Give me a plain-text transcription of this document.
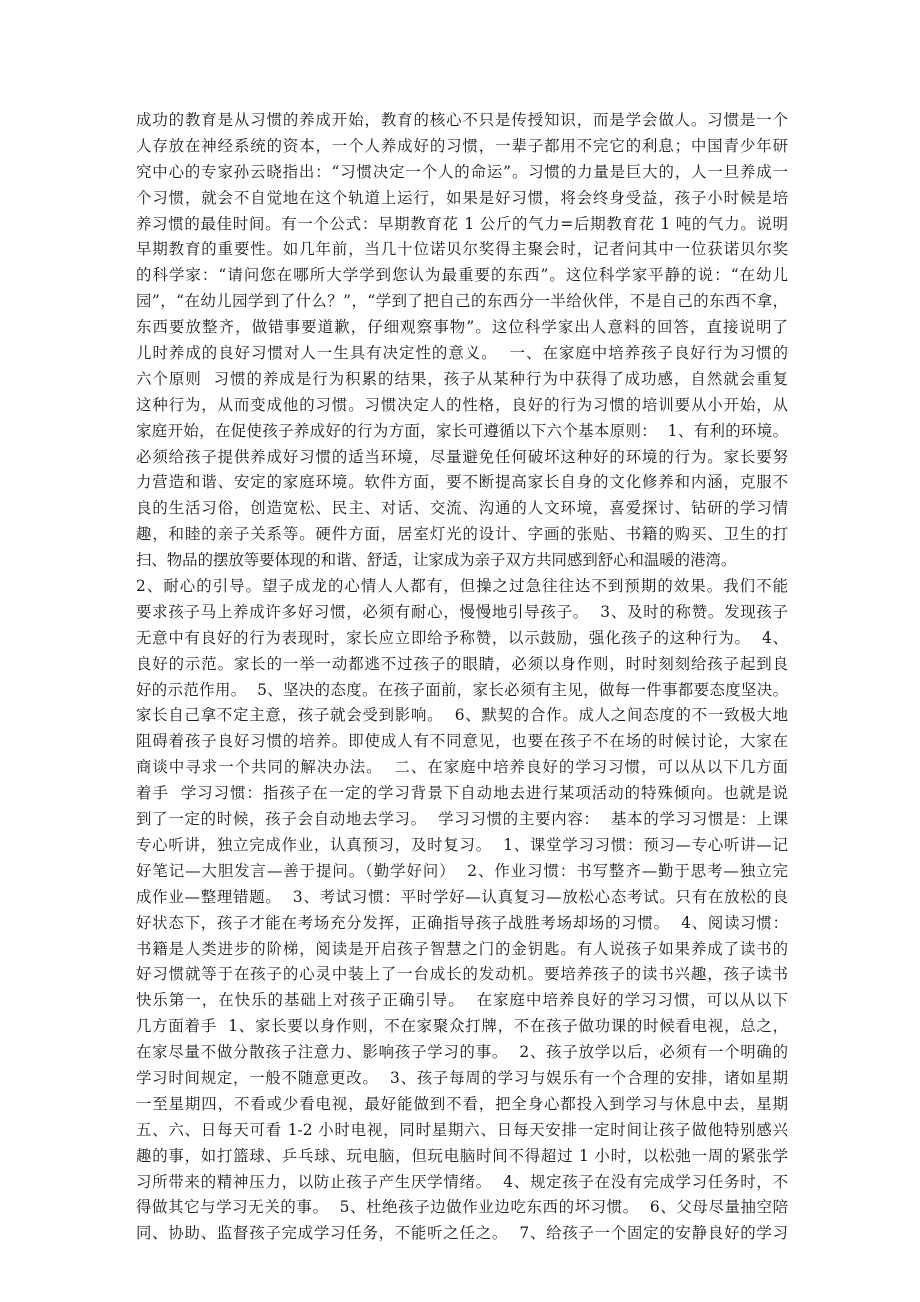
成功的教育是从习惯的养成开始，教育的核心不只是传授知识，而是学会做人。习惯是一个
人存放在神经系统的资本，一个人养成好的习惯，一辈子都用不完它的利息；中国青少年研
究中心的专家孙云晓指出：“习惯决定一个人的命运”。习惯的力量是巨大的，人一旦养成一
个习惯，就会不自觉地在这个轨道上运行，如果是好习惯，将会终身受益，孩子小时候是培
养习惯的最佳时间。有一个公式：早期教育花 1 公斤的气力=后期教育花 1 吨的气力。说明
早期教育的重要性。如几年前，当几十位诺贝尔奖得主聚会时，记者问其中一位获诺贝尔奖
的科学家：“请问您在哪所大学学到您认为最重要的东西”。这位科学家平静的说：“在幼儿
园”，“在幼儿园学到了什么？”，“学到了把自己的东西分一半给伙伴，不是自己的东西不拿，
东西要放整齐，做错事要道歉，仔细观察事物”。这位科学家出人意料的回答，直接说明了
儿时养成的良好习惯对人一生具有决定性的意义。  一、在家庭中培养孩子良好行为习惯的
六个原则  习惯的养成是行为积累的结果，孩子从某种行为中获得了成功感，自然就会重复
这种行为，从而变成他的习惯。习惯决定人的性格，良好的行为习惯的培训要从小开始，从
家庭开始，在促使孩子养成好的行为方面，家长可遵循以下六个基本原则：  1、有利的环境。
必须给孩子提供养成好习惯的适当环境，尽量避免任何破坏这种好的环境的行为。家长要努
力营造和谐、安定的家庭环境。软件方面，要不断提高家长自身的文化修养和内涵，克服不
良的生活习俗，创造宽松、民主、对话、交流、沟通的人文环境，喜爱探讨、钻研的学习情
趣，和睦的亲子关系等。硬件方面，居室灯光的设计、字画的张贴、书籍的购买、卫生的打
扫、物品的摆放等要体现的和谐、舒适，让家成为亲子双方共同感到舒心和温暖的港湾。
2、耐心的引导。望子成龙的心情人人都有，但操之过急往往达不到预期的效果。我们不能
要求孩子马上养成许多好习惯，必须有耐心，慢慢地引导孩子。  3、及时的称赞。发现孩子
无意中有良好的行为表现时，家长应立即给予称赞，以示鼓励，强化孩子的这种行为。  4、
良好的示范。家长的一举一动都逃不过孩子的眼睛，必须以身作则，时时刻刻给孩子起到良
好的示范作用。  5、坚决的态度。在孩子面前，家长必须有主见，做每一件事都要态度坚决。
家长自己拿不定主意，孩子就会受到影响。  6、默契的合作。成人之间态度的不一致极大地
阻碍着孩子良好习惯的培养。即使成人有不同意见，也要在孩子不在场的时候讨论，大家在
商谈中寻求一个共同的解决办法。  二、在家庭中培养良好的学习习惯，可以从以下几方面
着手  学习习惯：指孩子在一定的学习背景下自动地去进行某项活动的特殊倾向。也就是说
到了一定的时候，孩子会自动地去学习。  学习习惯的主要内容：  基本的学习习惯是：上课
专心听讲，独立完成作业，认真预习，及时复习。  1、课堂学习习惯：预习—专心听讲—记
好笔记—大胆发言—善于提问。（勤学好问）  2、作业习惯：书写整齐—勤于思考—独立完
成作业—整理错题。  3、考试习惯：平时学好—认真复习—放松心态考试。只有在放松的良
好状态下，孩子才能在考场充分发挥，正确指导孩子战胜考场却场的习惯。  4、阅读习惯：
书籍是人类进步的阶梯，阅读是开启孩子智慧之门的金钥匙。有人说孩子如果养成了读书的
好习惯就等于在孩子的心灵中装上了一台成长的发动机。要培养孩子的读书兴趣，孩子读书
快乐第一，在快乐的基础上对孩子正确引导。  在家庭中培养良好的学习习惯，可以从以下
几方面着手  1、家长要以身作则，不在家聚众打牌，不在孩子做功课的时候看电视，总之，
在家尽量不做分散孩子注意力、影响孩子学习的事。  2、孩子放学以后，必须有一个明确的
学习时间规定，一般不随意更改。  3、孩子每周的学习与娱乐有一个合理的安排，诸如星期
一至星期四，不看或少看电视，最好能做到不看，把全身心都投入到学习与休息中去，星期
五、六、日每天可看 1-2 小时电视，同时星期六、日每天安排一定时间让孩子做他特别感兴
趣的事，如打篮球、乒乓球、玩电脑，但玩电脑时间不得超过 1 小时，以松弛一周的紧张学
习所带来的精神压力，以防止孩子产生厌学情绪。  4、规定孩子在没有完成学习任务时，不
得做其它与学习无关的事。  5、杜绝孩子边做作业边吃东西的坏习惯。  6、父母尽量抽空陪
同、协助、监督孩子完成学习任务，不能听之任之。  7、给孩子一个固定的安静良好的学习
